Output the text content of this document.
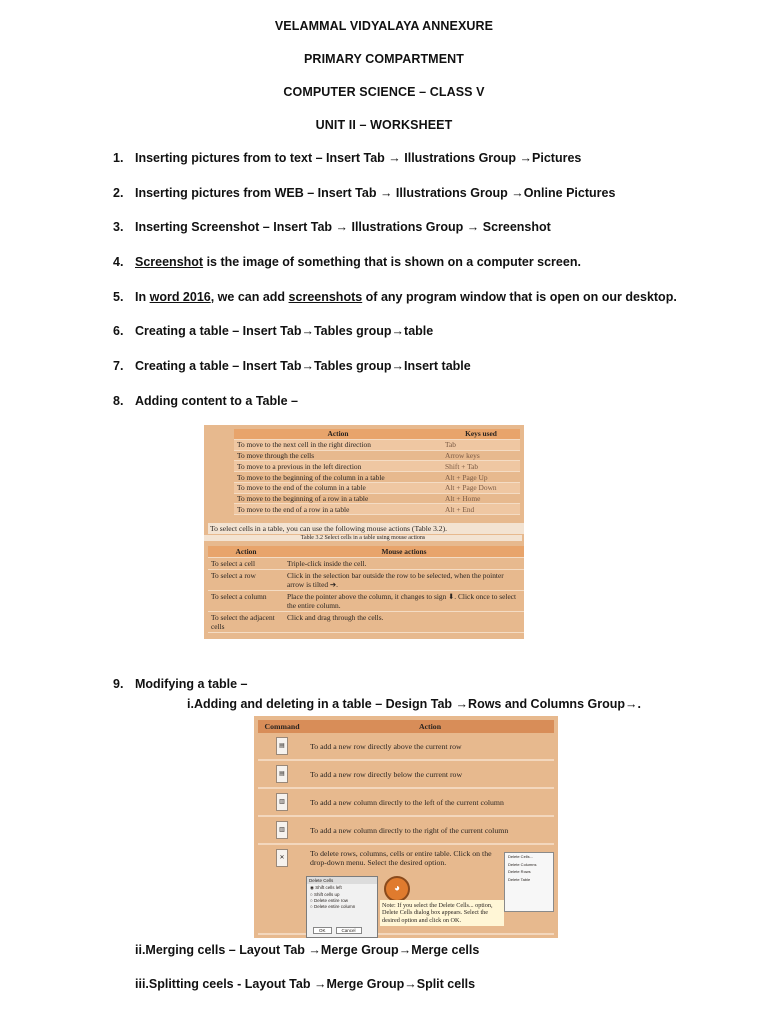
VELAMMAL VIDYALAYA ANNEXURE
PRIMARY COMPARTMENT
COMPUTER SCIENCE – CLASS V
UNIT II – WORKSHEET
1. Inserting pictures from to text – Insert Tab → Illustrations Group →Pictures
2. Inserting pictures from WEB – Insert Tab → Illustrations Group →Online Pictures
3. Inserting Screenshot – Insert Tab → Illustrations Group → Screenshot
4. Screenshot is the image of something that is shown on a computer screen.
5. In word 2016, we can add screenshots of any program window that is open on our desktop.
6. Creating a table – Insert Tab→Tables group→table
7. Creating a table – Insert Tab→Tables group→Insert table
8. Adding content to a Table –
Action	Keys used
To move to the next cell in the right direction	Tab
To move through the cells	Arrow keys
To move to a previous in the left direction	Shift + Tab
To move to the beginning of the column in a table	Alt + Page Up
To move to the end of the column in a table	Alt + Page Down
To move to the beginning of a row in a table	Alt + Home
To move to the end of a row in a table	Alt + End
To select cells in a table, you can use the following mouse actions (Table 3.2).
Table 3.2 Select cells in a table using mouse actions
Action	Mouse actions
To select a cell	Triple-click inside the cell.
To select a row	Click in the selection bar outside the row to be selected, when the pointer arrow is tilted ➔.
To select a column	Place the pointer above the column, it changes to sign ⬇. Click once to select the entire column.
To select the adjacent cells	Click and drag through the cells.
9. Modifying a table –
i.Adding and deleting in a table – Design Tab →Rows and Columns Group→.
Command	Action
▤	To add a new row directly above the current row
▤	To add a new row directly below the current row
▥	To add a new column directly to the left of the current column
▥	To add a new column directly to the right of the current column
✕	To delete rows, columns, cells or entire table. Click on the drop-down menu. Select the desired option.
Delete Cells
◉ Shift cells left
○ Shift cells up
○ Delete entire row
○ Delete entire column
OK	Cancel
◕
Note: If you select the Delete Cells... option, Delete Cells dialog box appears. Select the desired option and click on OK.
Delete Cells...
Delete Columns
Delete Rows
Delete Table
ii.Merging cells – Layout Tab →Merge Group→Merge cells
iii.Splitting ceels - Layout Tab →Merge Group→Split cells
